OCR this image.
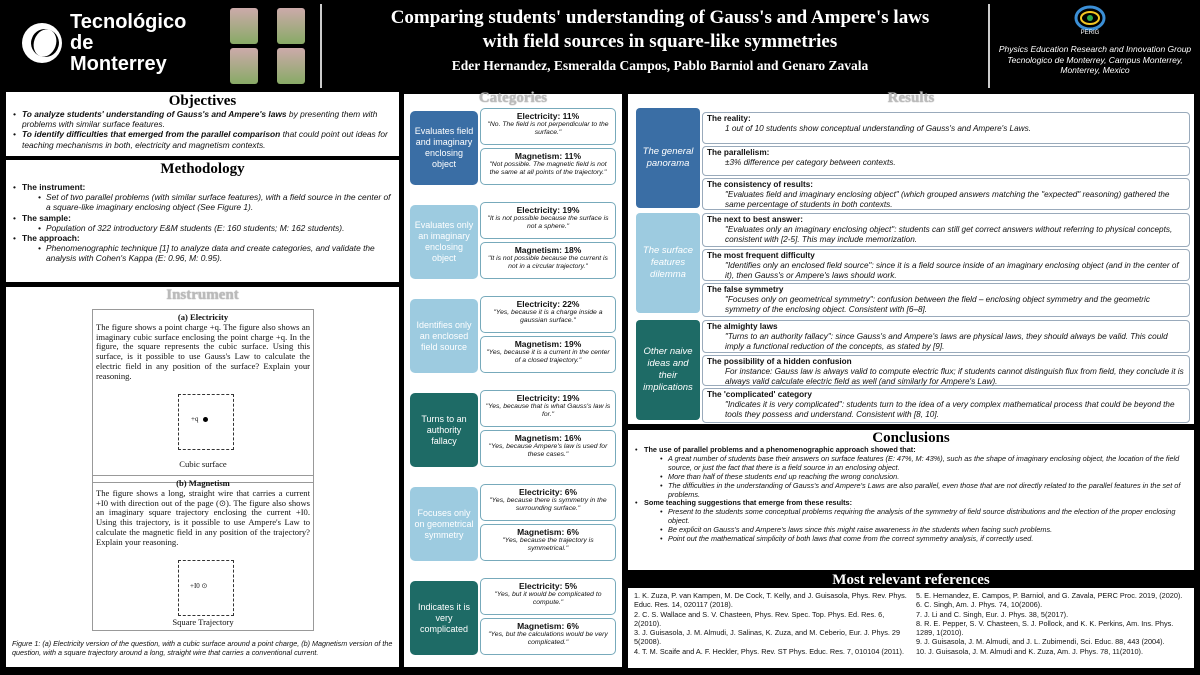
Tecnológico
de Monterrey
Comparing students' understanding of Gauss's and Ampere's laws
with field sources in square-like symmetries
Eder Hernandez, Esmeralda Campos, Pablo Barniol and Genaro Zavala
PERIG
Physics Education Research and Innovation Group
Tecnologico de Monterrey, Campus Monterrey,
Monterrey, Mexico
Objectives
• To analyze students' understanding of Gauss's and Ampere's laws by presenting them with problems with similar surface features.
• To identify difficulties that emerged from the parallel comparison that could point out ideas for teaching mechanisms in both, electricity and magnetism contexts.
Methodology
• The instrument:
• Set of two parallel problems (with similar surface features), with a field source in the center of a square-like imaginary enclosing object (See Figure 1).
• The sample:
• Population of 322 introductory E&M students (E: 160 students; M: 162 students).
• The approach:
• Phenomenographic technique [1] to analyze data and create categories, and validate the analysis with Cohen's Kappa (E: 0.96, M: 0.95).
Instrument
(a) Electricity
The figure shows a point charge +q. The figure also shows an imaginary cubic surface enclosing the point charge +q. In the figure, the square represents the cubic surface. Using this surface, is it possible to use Gauss's Law to calculate the electric field in any position of the surface? Explain your reasoning.
+q
Cubic surface
(b) Magnetism
The figure shows a long, straight wire that carries a current +I0 with direction out of the page (⊙). The figure also shows an imaginary square trajectory enclosing the current +I0. Using this trajectory, is it possible to use Ampere's Law to calculate the magnetic field in any position of the trajectory? Explain your reasoning.
+I0 ⊙
Square Trajectory
Figure 1: (a) Electricity version of the question, with a cubic surface around a point charge, (b) Magnetism version of the question, with a square trajectory around a long, straight wire that carries a conventional current.
Categories
Evaluates field and imaginary enclosing object
Electricity: 11%
"No. The field is not perpendicular to the surface."
Magnetism: 11%
"Not possible. The magnetic field is not the same at all points of the trajectory."
Evaluates only an imaginary enclosing object
Electricity: 19%
"It is not possible because the surface is not a sphere."
Magnetism: 18%
"It is not possible because the current is not in a circular trajectory."
Identifies only an enclosed field source
Electricity: 22%
"Yes, because it is a charge inside a gaussian surface."
Magnetism: 19%
"Yes, because it is a current in the center of a closed trajectory."
Turns to an authority fallacy
Electricity: 19%
"Yes, because that is what Gauss's law is for."
Magnetism: 16%
"Yes, because Ampere's law is used for these cases."
Focuses only on geometrical symmetry
Electricity: 6%
"Yes, because there is symmetry in the surrounding surface."
Magnetism: 6%
"Yes, because the trajectory is symmetrical."
Indicates it is very complicated
Electricity: 5%
"Yes, but it would be complicated to compute."
Magnetism: 6%
"Yes, but the calculations would be very complicated."
Results
The general panorama
The reality:
1 out of 10 students show conceptual understanding of Gauss's and Ampere's Laws.
The parallelism:
±3% difference per category between contexts.
The consistency of results:
"Evaluates field and imaginary enclosing object" (which grouped answers matching the "expected" reasoning) gathered the same percentage of students in both contexts.
The surface features dilemma
The next to best answer:
"Evaluates only an imaginary enclosing object": students can still get correct answers without referring to physical concepts, consistent with [2-5]. This may include memorization.
The most frequent difficulty
"Identifies only an enclosed field source": since it is a field source inside of an imaginary enclosing object (and in the center of it), then Gauss's or Ampere's laws should work.
The false symmetry
"Focuses only on geometrical symmetry": confusion between the field – enclosing object symmetry and the geometric symmetry of the enclosing object. Consistent with [6–8].
Other naive ideas and their implications
The almighty laws
"Turns to an authority fallacy": since Gauss's and Ampere's laws are physical laws, they should always be valid. This could imply a functional reduction of the concepts, as stated by [9].
The possibility of a hidden confusion
For instance: Gauss law is always valid to compute electric flux; if students cannot distinguish flux from field, they conclude it is always valid calculate electric field as well (and similarly for Ampere's Law).
The 'complicated' category
"Indicates it is very complicated": students turn to the idea of a very complex mathematical process that could be beyond the tools they possess and understand. Consistent with [8, 10].
Conclusions
• The use of parallel problems and a phenomenographic approach showed that:
• A great number of students base their answers on surface features (E: 47%, M: 43%), such as the shape of imaginary enclosing object, the location of the field source, or just the fact that there is a field source in an enclosing object.
• More than half of these students end up reaching the wrong conclusion.
• The difficulties in the understanding of Gauss's and Ampere's Laws are also parallel, even those that are not directly related to the parallel features in the set of problems.
• Some teaching suggestions that emerge from these results:
• Present to the students some conceptual problems requiring the analysis of the symmetry of field source distributions and the election of the proper enclosing object.
• Be explicit on Gauss's and Ampere's laws since this might raise awareness in the students when facing such problems.
• Point out the mathematical simplicity of both laws that come from the correct symmetry analysis, if correctly used.
Most relevant references
1. K. Zuza, P. van Kampen, M. De Cock, T. Kelly, and J. Guisasola, Phys. Rev. Phys. Educ. Res. 14, 020117 (2018).
2. C. S. Wallace and S. V. Chasteen, Phys. Rev. Spec. Top. Phys. Ed. Res. 6, 2(2010).
3. J. Guisasola, J. M. Almudi, J. Salinas, K. Zuza, and M. Ceberio, Eur. J. Phys. 29 5(2008).
4. T. M. Scaife and A. F. Heckler, Phys. Rev. ST Phys. Educ. Res. 7, 010104 (2011).
5. E. Hernandez, E. Campos, P. Barniol, and G. Zavala, PERC Proc. 2019, (2020).
6. C. Singh, Am. J. Phys. 74, 10(2006).
7. J. Li and C. Singh, Eur. J. Phys. 38, 5(2017).
8. R. E. Pepper, S. V. Chasteen, S. J. Pollock, and K. K. Perkins, Am. Ins. Phys. 1289, 1(2010).
9. J. Guisasola, J. M. Almudi, and J. L. Zubimendi, Sci. Educ. 88, 443 (2004).
10. J. Guisasola, J. M. Almudi and K. Zuza, Am. J. Phys. 78, 11(2010).
